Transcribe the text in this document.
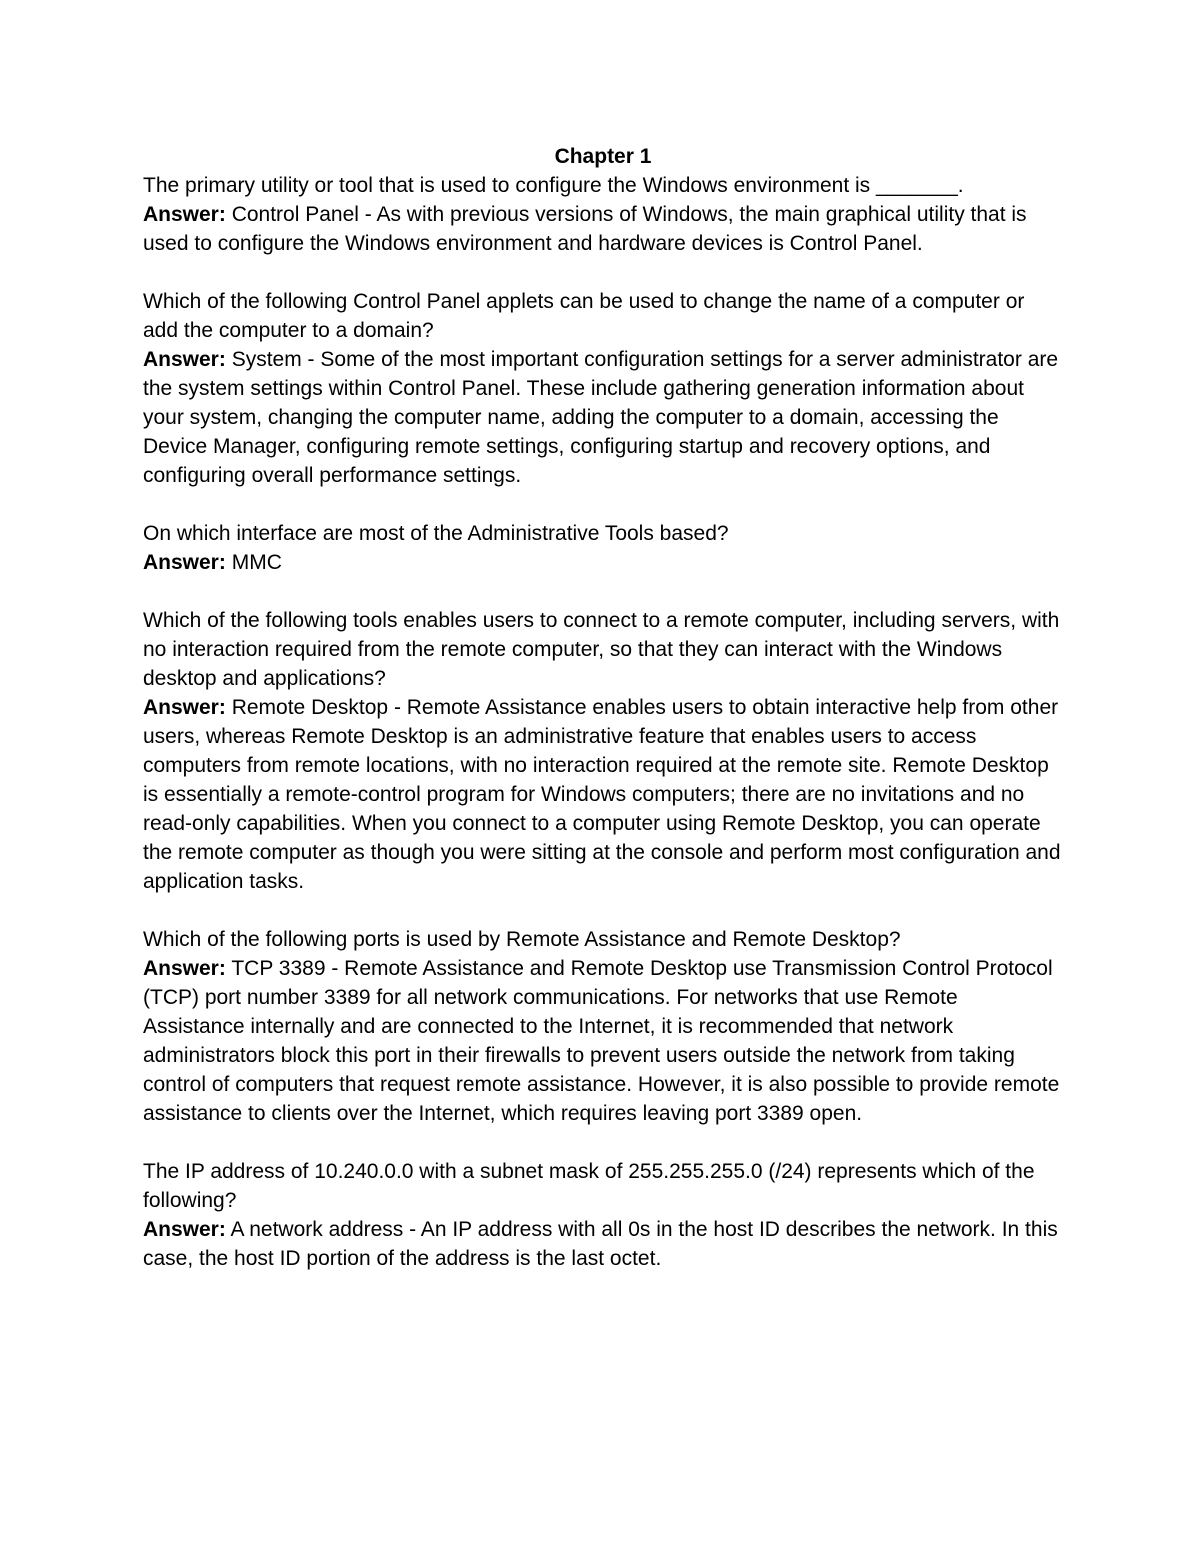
Chapter 1

The primary utility or tool that is used to configure the Windows environment is _______.

Answer: Control Panel - As with previous versions of Windows, the main graphical utility that is used to configure the Windows environment and hardware devices is Control Panel.

Which of the following Control Panel applets can be used to change the name of a computer or add the computer to a domain?

Answer: System - Some of the most important configuration settings for a server administrator are the system settings within Control Panel. These include gathering generation information about your system, changing the computer name, adding the computer to a domain, accessing the Device Manager, configuring remote settings, configuring startup and recovery options, and configuring overall performance settings.

On which interface are most of the Administrative Tools based?

Answer: MMC

Which of the following tools enables users to connect to a remote computer, including servers, with no interaction required from the remote computer, so that they can interact with the Windows desktop and applications?

Answer: Remote Desktop - Remote Assistance enables users to obtain interactive help from other users, whereas Remote Desktop is an administrative feature that enables users to access computers from remote locations, with no interaction required at the remote site. Remote Desktop is essentially a remote-control program for Windows computers; there are no invitations and no read-only capabilities. When you connect to a computer using Remote Desktop, you can operate the remote computer as though you were sitting at the console and perform most configuration and application tasks.

Which of the following ports is used by Remote Assistance and Remote Desktop?

Answer: TCP 3389 - Remote Assistance and Remote Desktop use Transmission Control Protocol (TCP) port number 3389 for all network communications. For networks that use Remote Assistance internally and are connected to the Internet, it is recommended that network administrators block this port in their firewalls to prevent users outside the network from taking control of computers that request remote assistance. However, it is also possible to provide remote assistance to clients over the Internet, which requires leaving port 3389 open.

The IP address of 10.240.0.0 with a subnet mask of 255.255.255.0 (/24) represents which of the following?

Answer: A network address - An IP address with all 0s in the host ID describes the network. In this case, the host ID portion of the address is the last octet.
